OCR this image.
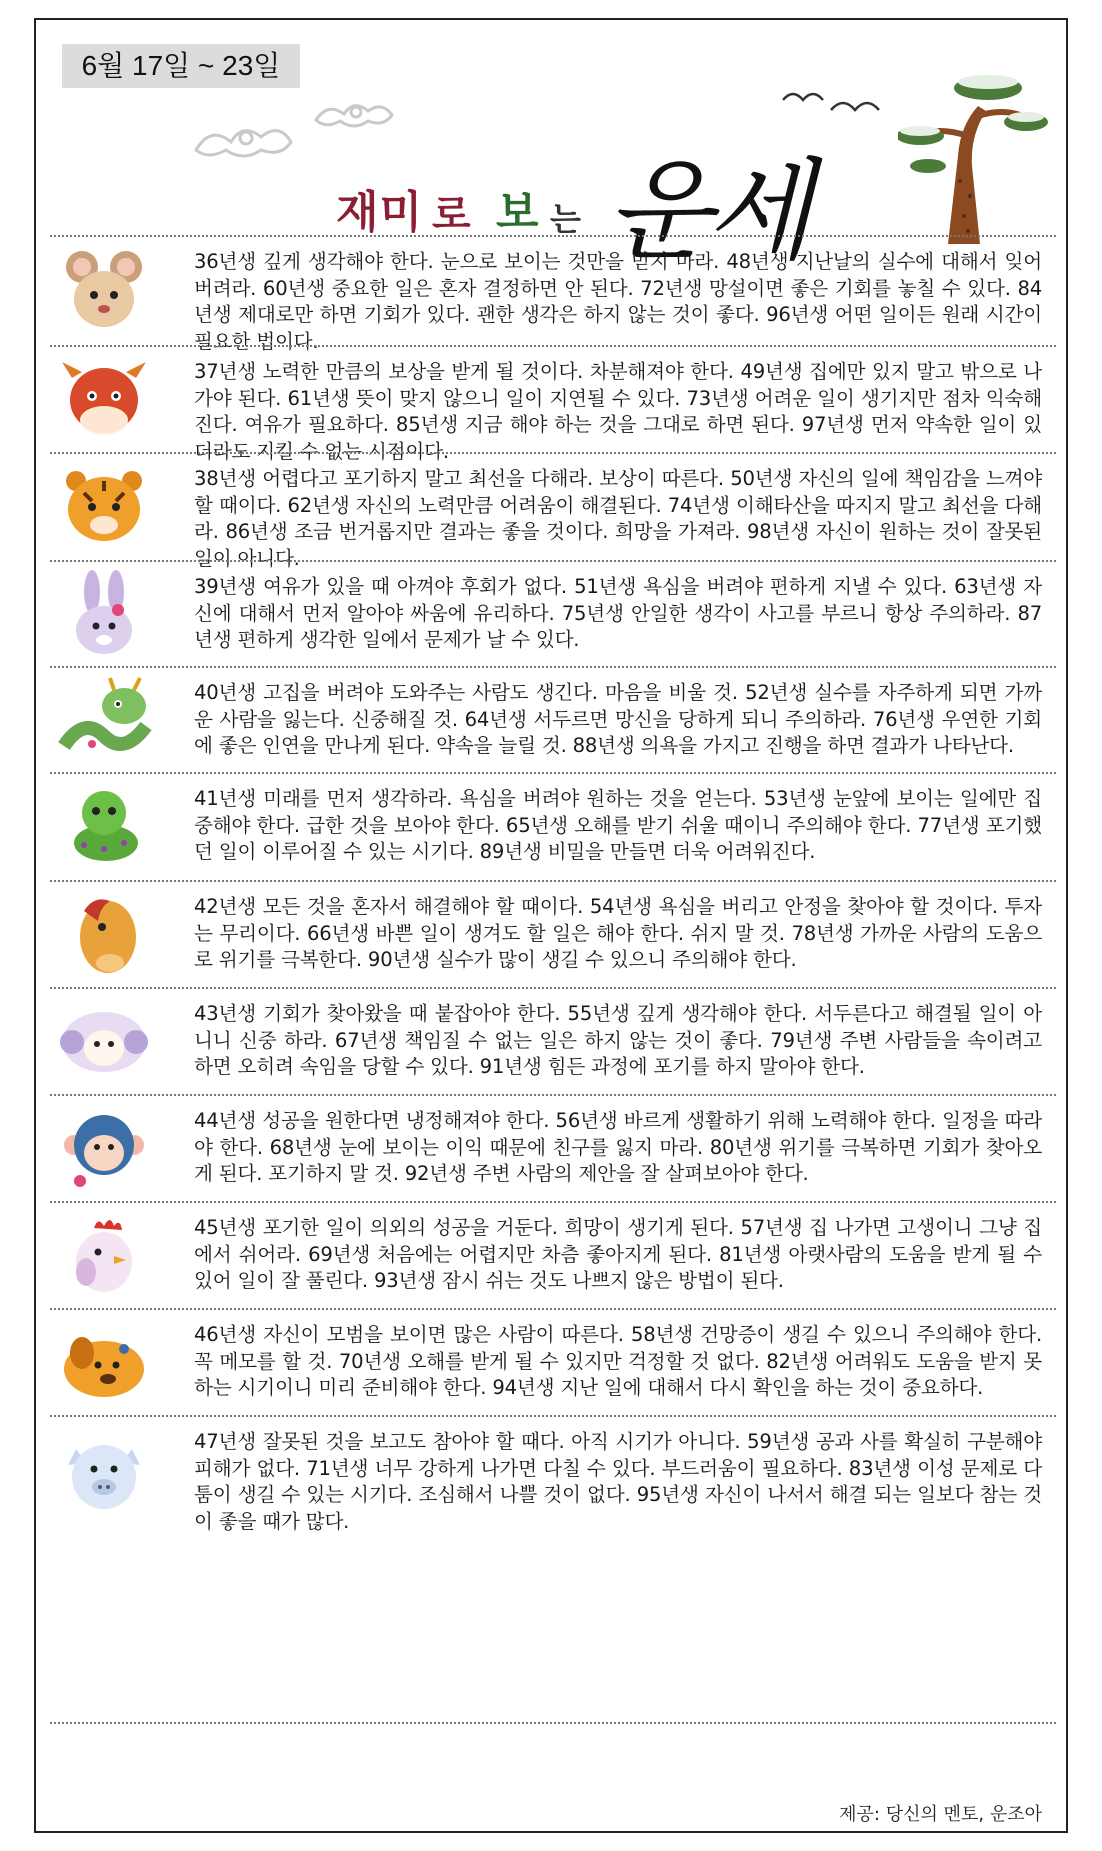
6월 17일 ~ 23일
재미 로 보 는 운세
36년생 깊게 생각해야 한다. 눈으로 보이는 것만을 믿지 마라. 48년생 지난날의 실수에 대해서 잊어버려라. 60년생 중요한 일은 혼자 결정하면 안 된다. 72년생 망설이면 좋은 기회를 놓칠 수 있다. 84년생 제대로만 하면 기회가 있다. 괜한 생각은 하지 않는 것이 좋다. 96년생 어떤 일이든 원래 시간이 필요한 법이다.
37년생 노력한 만큼의 보상을 받게 될 것이다. 차분해져야 한다. 49년생 집에만 있지 말고 밖으로 나가야 된다. 61년생 뜻이 맞지 않으니 일이 지연될 수 있다. 73년생 어려운 일이 생기지만 점차 익숙해진다. 여유가 필요하다. 85년생 지금 해야 하는 것을 그대로 하면 된다. 97년생 먼저 약속한 일이 있더라도 지킬 수 없는 시점이다.
38년생 어렵다고 포기하지 말고 최선을 다해라. 보상이 따른다. 50년생 자신의 일에 책임감을 느껴야 할 때이다. 62년생 자신의 노력만큼 어려움이 해결된다. 74년생 이해타산을 따지지 말고 최선을 다해라. 86년생 조금 번거롭지만 결과는 좋을 것이다. 희망을 가져라. 98년생 자신이 원하는 것이 잘못된 일이 아니다.
39년생 여유가 있을 때 아껴야 후회가 없다. 51년생 욕심을 버려야 편하게 지낼 수 있다. 63년생 자신에 대해서 먼저 알아야 싸움에 유리하다. 75년생 안일한 생각이 사고를 부르니 항상 주의하라. 87년생 편하게 생각한 일에서 문제가 날 수 있다.
40년생 고집을 버려야 도와주는 사람도 생긴다. 마음을 비울 것. 52년생 실수를 자주하게 되면 가까운 사람을 잃는다. 신중해질 것. 64년생 서두르면 망신을 당하게 되니 주의하라. 76년생 우연한 기회에 좋은 인연을 만나게 된다. 약속을 늘릴 것. 88년생 의욕을 가지고 진행을 하면 결과가 나타난다.
41년생 미래를 먼저 생각하라. 욕심을 버려야 원하는 것을 얻는다. 53년생 눈앞에 보이는 일에만 집중해야 한다. 급한 것을 보아야 한다. 65년생 오해를 받기 쉬울 때이니 주의해야 한다. 77년생 포기했던 일이 이루어질 수 있는 시기다. 89년생 비밀을 만들면 더욱 어려워진다.
42년생 모든 것을 혼자서 해결해야 할 때이다. 54년생 욕심을 버리고 안정을 찾아야 할 것이다. 투자는 무리이다. 66년생 바쁜 일이 생겨도 할 일은 해야 한다. 쉬지 말 것. 78년생 가까운 사람의 도움으로 위기를 극복한다. 90년생 실수가 많이 생길 수 있으니 주의해야 한다.
43년생 기회가 찾아왔을 때 붙잡아야 한다. 55년생 깊게 생각해야 한다. 서두른다고 해결될 일이 아니니 신중 하라. 67년생 책임질 수 없는 일은 하지 않는 것이 좋다. 79년생 주변 사람들을 속이려고 하면 오히려 속임을 당할 수 있다. 91년생 힘든 과정에 포기를 하지 말아야 한다.
44년생 성공을 원한다면 냉정해져야 한다. 56년생 바르게 생활하기 위해 노력해야 한다. 일정을 따라야 한다. 68년생 눈에 보이는 이익 때문에 친구를 잃지 마라. 80년생 위기를 극복하면 기회가 찾아오게 된다. 포기하지 말 것. 92년생 주변 사람의 제안을 잘 살펴보아야 한다.
45년생 포기한 일이 의외의 성공을 거둔다. 희망이 생기게 된다. 57년생 집 나가면 고생이니 그냥 집에서 쉬어라. 69년생 처음에는 어렵지만 차츰 좋아지게 된다. 81년생 아랫사람의 도움을 받게 될 수 있어 일이 잘 풀린다. 93년생 잠시 쉬는 것도 나쁘지 않은 방법이 된다.
46년생 자신이 모범을 보이면 많은 사람이 따른다. 58년생 건망증이 생길 수 있으니 주의해야 한다. 꼭 메모를 할 것. 70년생 오해를 받게 될 수 있지만 걱정할 것 없다. 82년생 어려워도 도움을 받지 못하는 시기이니 미리 준비해야 한다. 94년생 지난 일에 대해서 다시 확인을 하는 것이 중요하다.
47년생 잘못된 것을 보고도 참아야 할 때다. 아직 시기가 아니다. 59년생 공과 사를 확실히 구분해야 피해가 없다. 71년생 너무 강하게 나가면 다칠 수 있다. 부드러움이 필요하다. 83년생 이성 문제로 다툼이 생길 수 있는 시기다. 조심해서 나쁠 것이 없다. 95년생 자신이 나서서 해결 되는 일보다 참는 것이 좋을 때가 많다.
제공: 당신의 멘토, 운조아
